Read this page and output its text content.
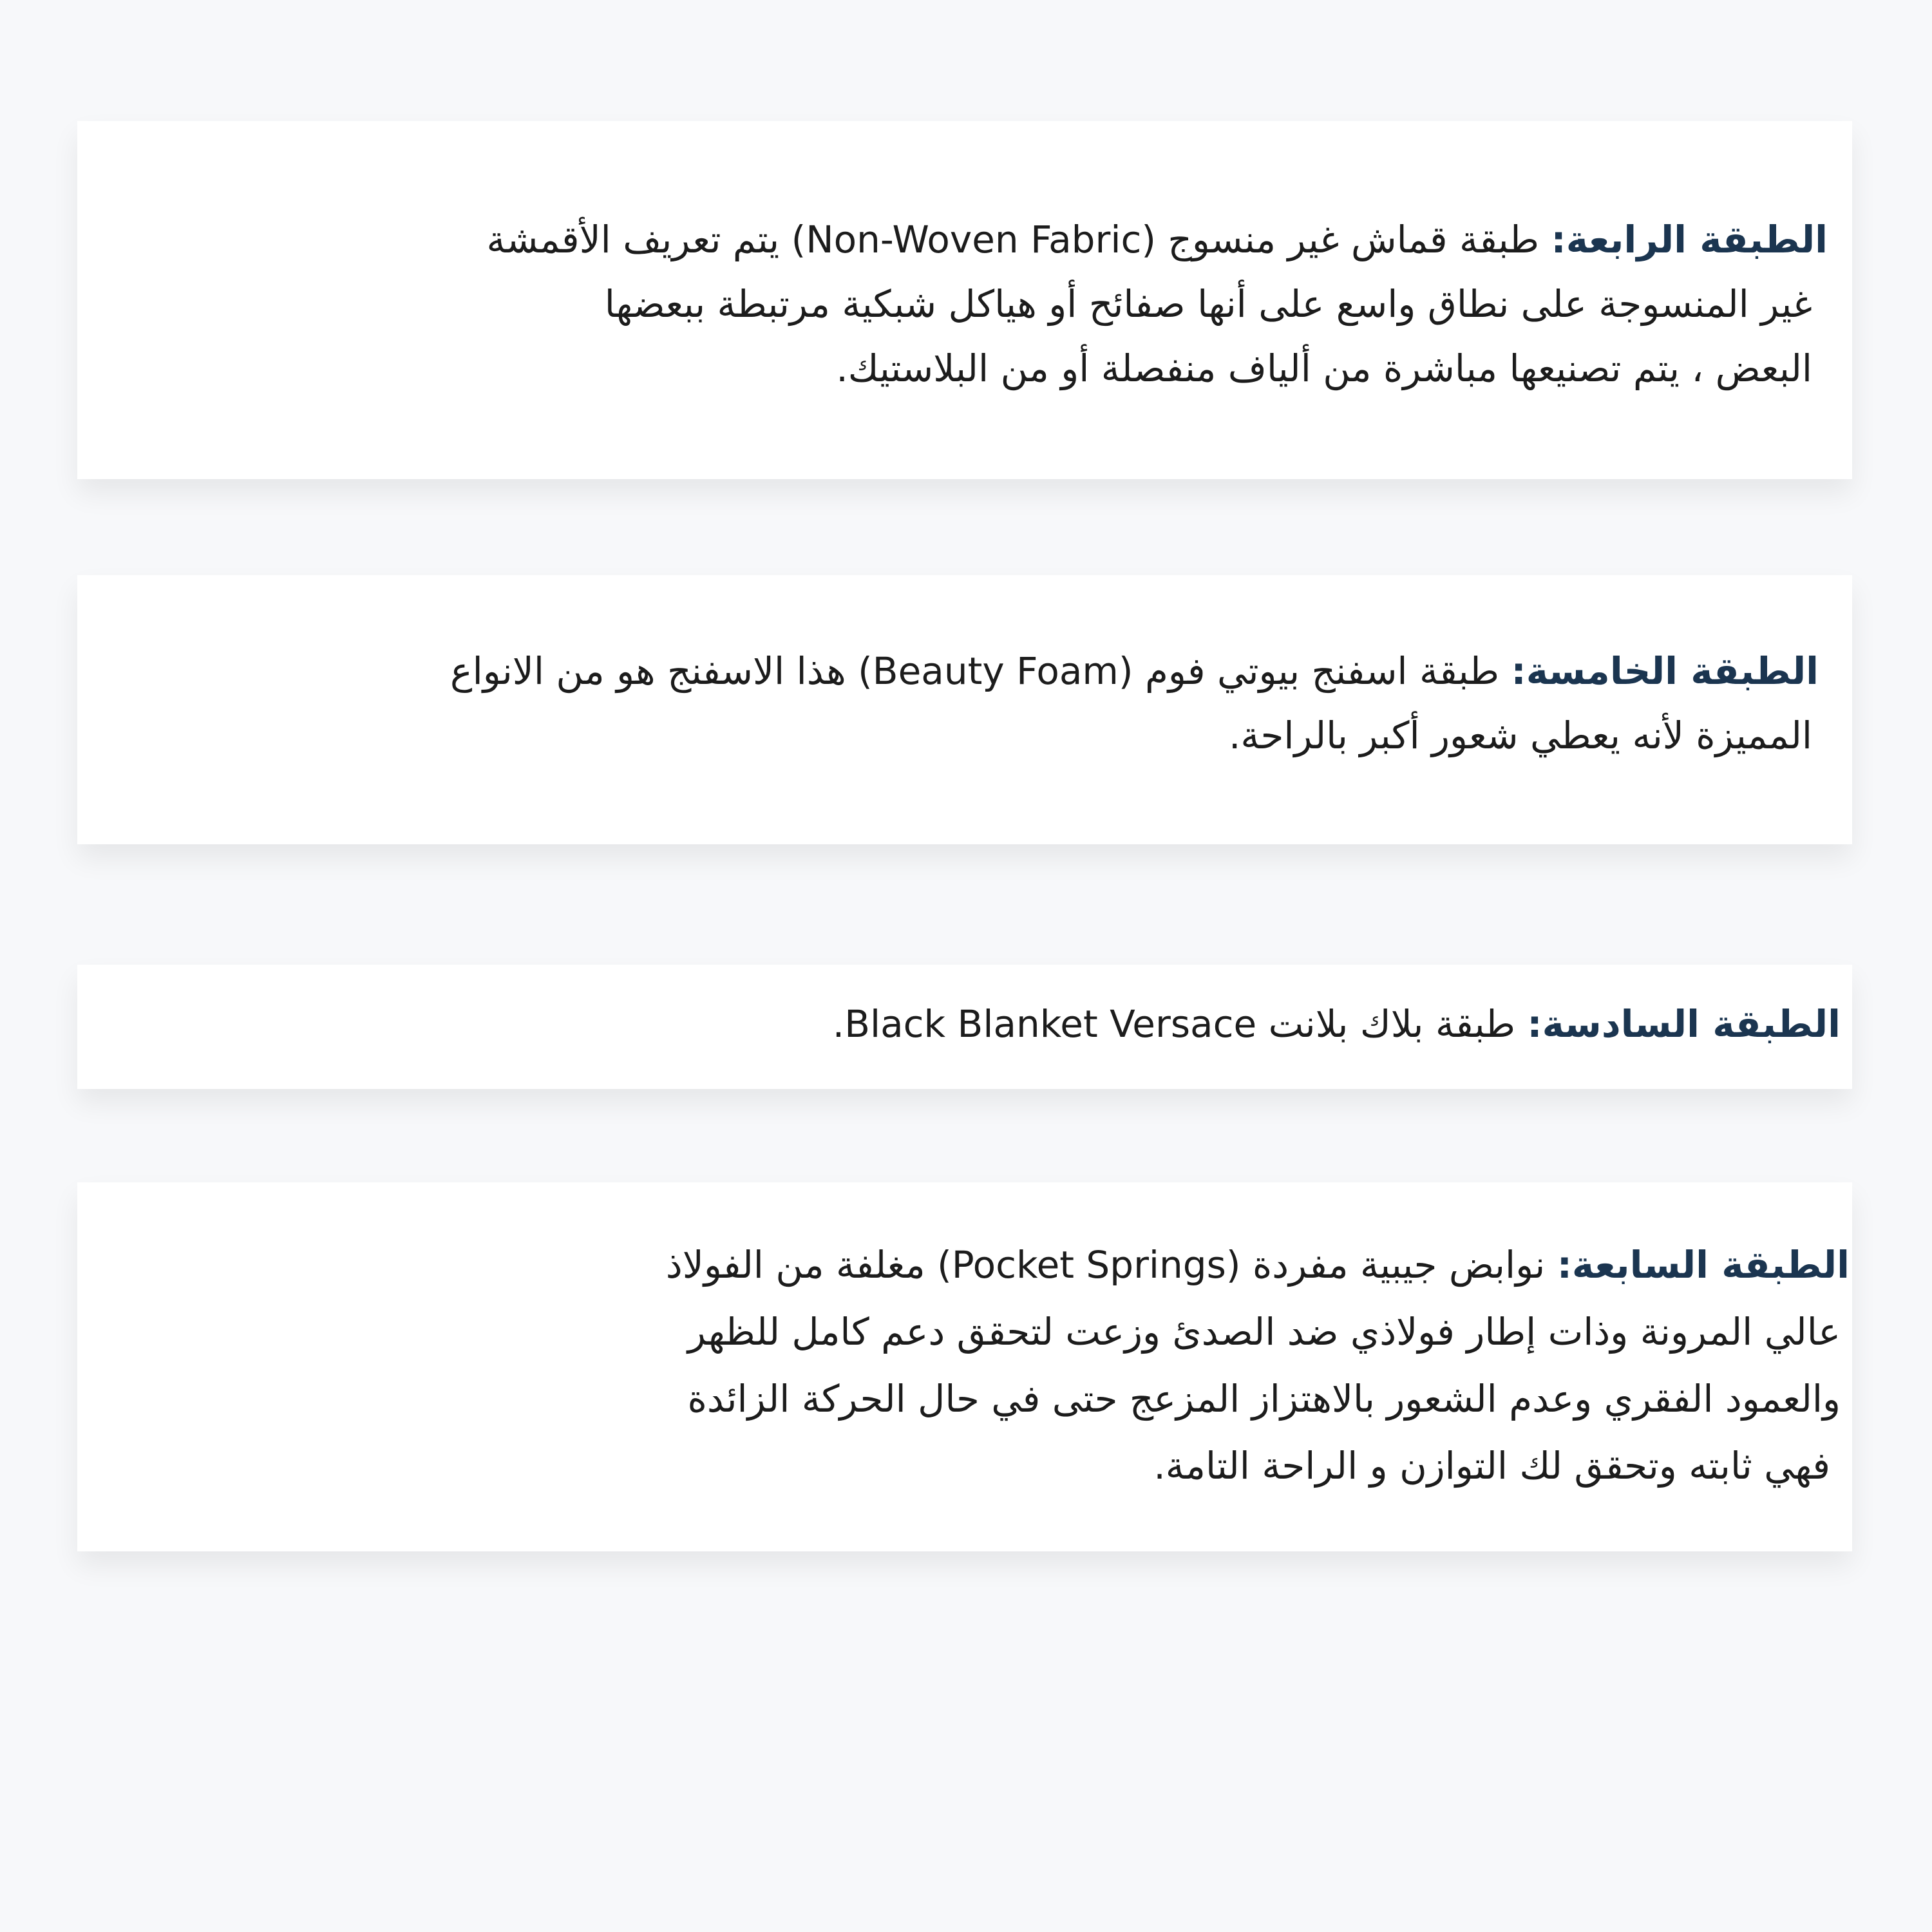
الطبقة الرابعة: طبقة قماش غير منسوج (Non-Woven Fabric) يتم تعريف الأقمشة
غير المنسوجة على نطاق واسع على أنها صفائح أو هياكل شبكية مرتبطة ببعضها
البعض ، يتم تصنيعها مباشرة من ألياف منفصلة أو من البلاستيك.
الطبقة الخامسة: طبقة اسفنج بيوتي فوم (Beauty Foam) هذا الاسفنج هو من الانواع
المميزة لأنه يعطي شعور أكبر بالراحة.
الطبقة السادسة: طبقة بلاك بلانت Black Blanket Versace.
الطبقة السابعة: نوابض جيبية مفردة (Pocket Springs) مغلفة من الفولاذ
عالي المرونة وذات إطار فولاذي ضد الصدئ وزعت لتحقق دعم كامل للظهر
والعمود الفقري وعدم الشعور بالاهتزاز المزعج حتى في حال الحركة الزائدة
فهي ثابته وتحقق لك التوازن و الراحة التامة.
